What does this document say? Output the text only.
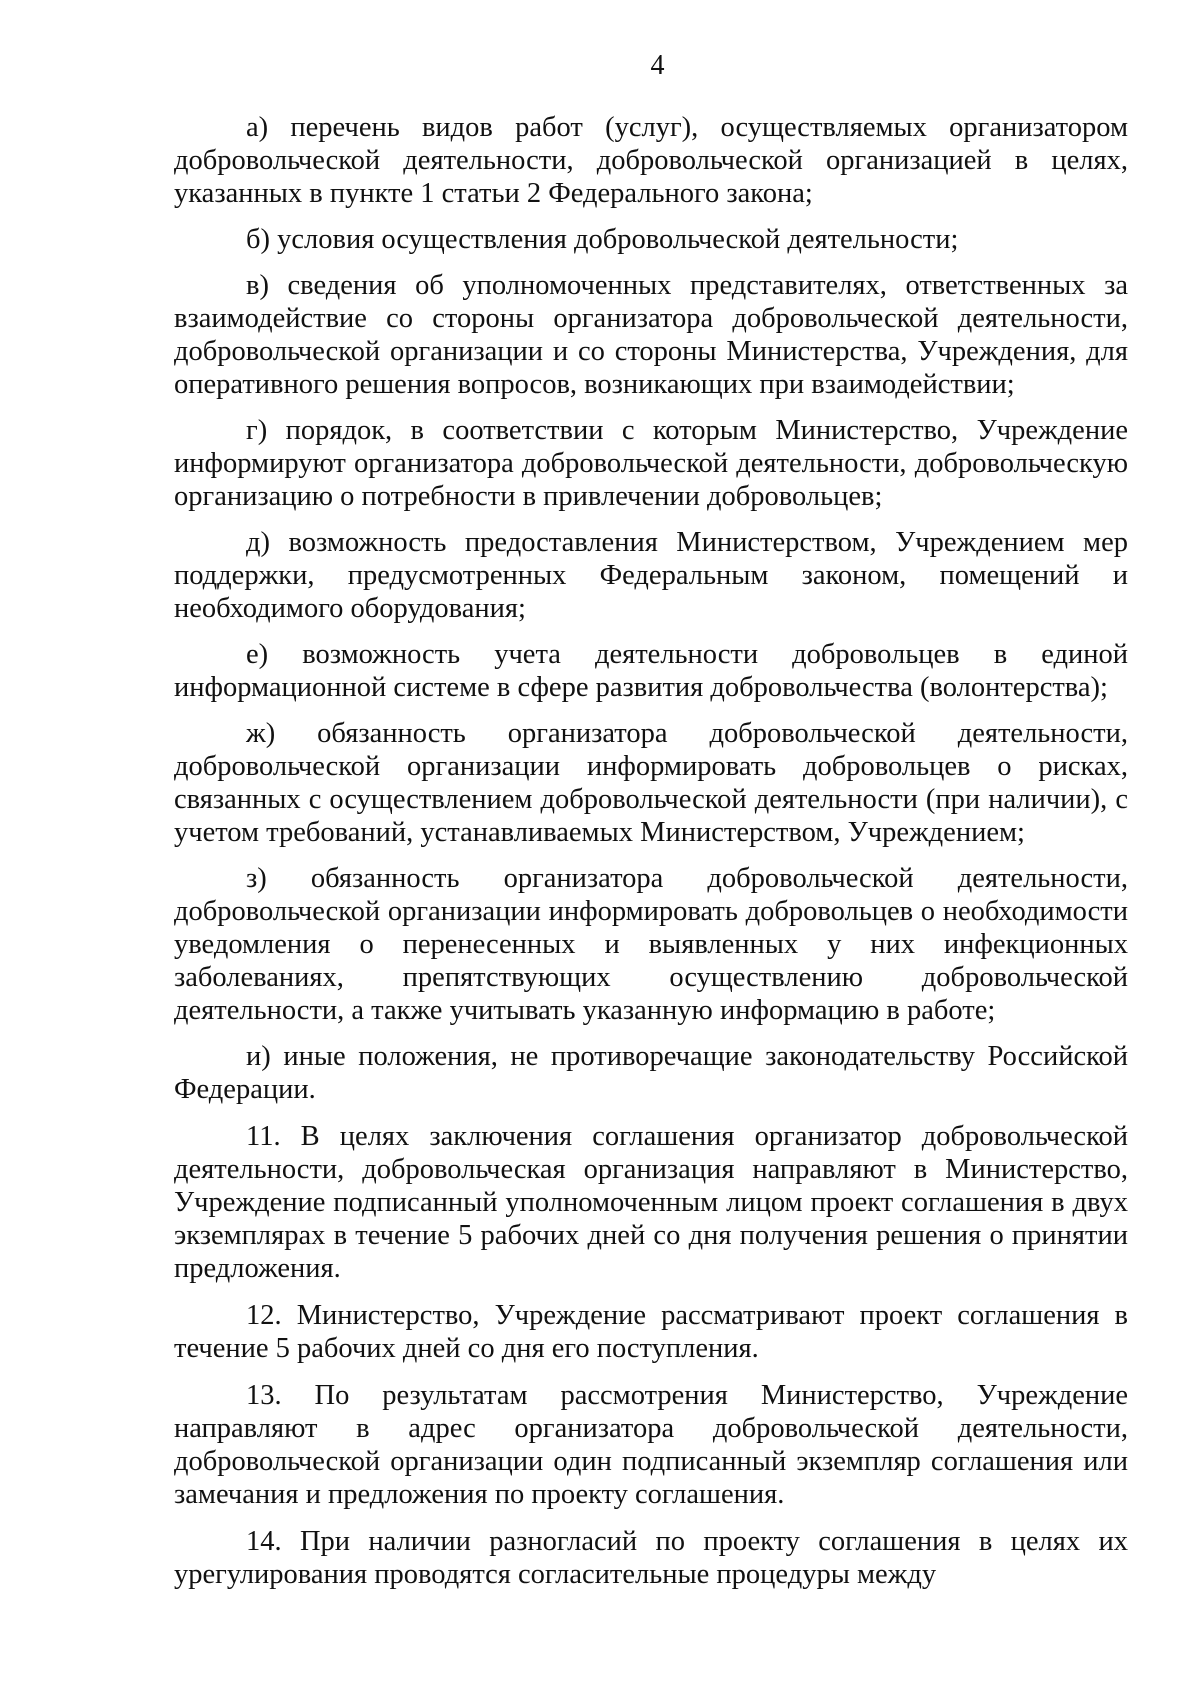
4

а) перечень видов работ (услуг), осуществляемых организатором добровольческой деятельности, добровольческой организацией в целях, указанных в пункте 1 статьи 2 Федерального закона;

б) условия осуществления добровольческой деятельности;

в) сведения об уполномоченных представителях, ответственных за взаимодействие со стороны организатора добровольческой деятельности, добровольческой организации и со стороны Министерства, Учреждения, для оперативного решения вопросов, возникающих при взаимодействии;

г) порядок, в соответствии с которым Министерство, Учреждение информируют организатора добровольческой деятельности, добровольческую организацию о потребности в привлечении добровольцев;

д) возможность предоставления Министерством, Учреждением мер поддержки, предусмотренных Федеральным законом, помещений и необходимого оборудования;

е) возможность учета деятельности добровольцев в единой информационной системе в сфере развития добровольчества (волонтерства);

ж) обязанность организатора добровольческой деятельности, добровольческой организации информировать добровольцев о рисках, связанных с осуществлением добровольческой деятельности (при наличии), с учетом требований, устанавливаемых Министерством, Учреждением;

з) обязанность организатора добровольческой деятельности, добровольческой организации информировать добровольцев о необходимости уведомления о перенесенных и выявленных у них инфекционных заболеваниях, препятствующих осуществлению добровольческой деятельности, а также учитывать указанную информацию в работе;

и) иные положения, не противоречащие законодательству Российской Федерации.

11. В целях заключения соглашения организатор добровольческой деятельности, добровольческая организация направляют в Министерство, Учреждение подписанный уполномоченным лицом проект соглашения в двух экземплярах в течение 5 рабочих дней со дня получения решения о принятии предложения.

12. Министерство, Учреждение рассматривают проект соглашения в течение 5 рабочих дней со дня его поступления.

13. По результатам рассмотрения Министерство, Учреждение направляют в адрес организатора добровольческой деятельности, добровольческой организации один подписанный экземпляр соглашения или замечания и предложения по проекту соглашения.

14. При наличии разногласий по проекту соглашения в целях их урегулирования проводятся согласительные процедуры между
